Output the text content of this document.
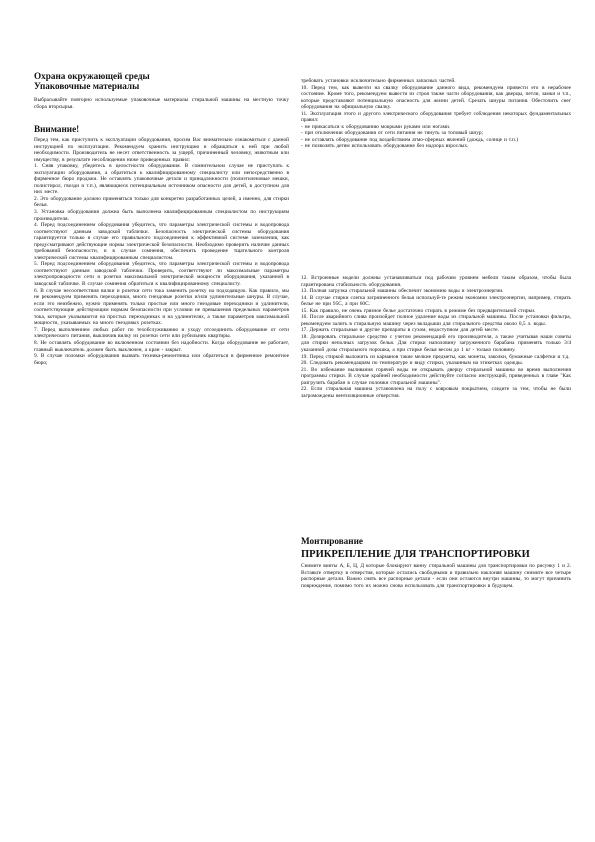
Охрана окружающей среды
Упаковочные материалы

Выбрасывайте повторно используемые упаковочные материалы стиральной машины на местную точку сбора вторсырья.

Внимание!

Перед тем, как приступить к эксплуатации оборудования, просим Вас внимательно ознакомиться с данной инструкцией по эксплуатации. Рекомендуем хранить инструкцию и обращаться к ней при любой необходимости. Производитель не несет ответственность за ущерб, причиненный человеку, животным или имуществу, в результате несоблюдения ниже приведенных правил:

1. Сняв упаковку, убедитесь в целостности оборудования. В сомнительном случае не приступать к эксплуатации оборудования, а обратиться к квалифицированному специалисту или непосредственно в фирменное бюро продажи. Не оставлять упаковочные детали и принадлежности (полиэтиленовые мешки, полистирол, гвозди и т.п.), являющиеся потенциальным источником опасности для детей, в доступном для них месте.

2. Это оборудование должно применяться только для конкретно разработанных целей, а именно, для стирки белья.

3. Установка оборудования должна быть выполнена квалифицированным специалистом по инструкциям производителя.

4. Перед подсоединением оборудования убедитесь, что параметры электрической системы и водопровода соответствуют данным заводской таблички. Безопасность электрической системы оборудования гарантируется только в случае его правильного подсоединения к эффективной системе заземления, как предусматривают действующие нормы электрической безопасности. Необходимо проверить наличие данных требований безопасности, и в случае сомнения, обеспечить проведение тщательного контроля электрической системы квалифицированным специалистом.

5. Перед подсоединением оборудования убедитесь, что параметры электрической системы и водопровода соответствуют данным заводской таблички. Проверить, соответствуют ли максимальные параметры электропроводности сети и розетки максимальной электрической мощности оборудования, указанной в заводской табличке. В случае сомнения обратиться к квалифицированному специалисту.

6. В случае несоответствия вилки и розетки сети тока заменить розетку на подходящую. Как правило, мы не рекомендуем применять переходники, много гнездовые розетки и/или удлинительные шнуры. В случае, если это неизбежно, нужно применять только простые или много гнездовые переходники и удлинители, соответствующие действующим нормам безопасности при условии не превышения предельных параметров тока, которые указываются на простых переходниках и на удлинителях, а также параметров максимальной мощности, указываемых на много гнездовых розетках.

7. Перед выполнением любых работ по техобслуживанию и уходу отсоединить оборудование от сети электрического питания, выключив вилку из розетки сети или рубильник квартиры.

8. Не оставлять оборудование во включенном состоянии без надобности. Когда оборудование не работает, главный выключатель должен быть выключен, а кран - закрыт.

9. В случае поломки оборудования вызвать техника-ремонтника или обратиться в фирменное ремонтное бюро;

требовать установки исключительно фирменных запасных частей.

10. Перед тем, как вывезти на свалку оборудование данного вида, рекомендуем привести его в нерабочее состояние. Кроме того, рекомендуем вывести из строя также части оборудования, как дверцы, петли, замки и т.п., которые представляют потенциальную опасность для жизни детей. Срезать шнуры питания. Обесточить снег оборудования на официальную свалку.

11. Эксплуатация этого и другого электрического оборудования требует соблюдения некоторых фундаментальных правил:

- не прикасаться к оборудованию мокрыми руками или ногами.

- при отключении оборудования от сети питания не тянуть за топовый шнур;

- не оставлять оборудование под воздействием атмо-сферных явлений (дождь, солнце и т.п.)

- не позволять детям использовать оборудование без надзора взрослых.

12. Встроенные модели должны устанавливаться под рабочим уровнем мебели таким образом, чтобы была гарантирована стабильность оборудования.

13. Полная загрузка стиральной машины обеспечит экономию воды и электроэнергии.

14. В случае стирки слегка загрязненного белья используй-те режим экономии электроэнергии, например, стирать белье не при 95С, а при 60С.

15. Как правило, не очень грязное белье достаточно стирать в режиме без предварительной стирки.

16. После аварийного слива произойдет полное удаление воды из стиральной машины. После установки фильтра, рекомендуем залить в стиральную машину через вкладыши для стирального средства около 0,5 л. воды.

17. Держать стиральные и другие препараты в сухом, недоступном для детей месте.

18. Дозировать стиральное средство с учетом рекомендаций его производителя, а также учитывая наши советы для стирки неполных загрузок белья. Для стирки наполовину загруженного барабана применять только 3/4 указанной дозы стирального порошка, а при стирке белья весом до 1 кг - только половину.

19. Перед стиркой выложить из карманов такие мелкие предметы, как монеты, заколки, бумажные салфетки и т.д.

20. Следовать рекомендациям по температуре и виду стирки, указанным на этикетках одежды.

21. Во избежание выливания горячей воды не открывать дверцу стиральной машины во время выполнения программы стирки. В случае крайней необходимости действуйте согласно инструкций, приведенных в главе "Как разгрузить барабан в случае поломки стиральной машины".

22. Если стиральная машина установлена на полу с ковровым покрытием, следите за тем, чтобы не были загромождены вентиляционные отверстия.

Монтирование
ПРИКРЕПЛЕНИЕ ДЛЯ ТРАНСПОРТИРОВКИ

Снимите винты А, Б, Ц, Д которые блокируют ванну стиральной машины для транспортировки по рисунку 1 и 2. Вставьте отвертку в отверстия, которые остались свободными и правильно наклоняя машину снимите все четыре распорные детали. Важно снять все распорные детали - если они остаются внутри машины, то могут причинить повреждение, помимо того их можно снова использовать для транспортировки в будущем.
